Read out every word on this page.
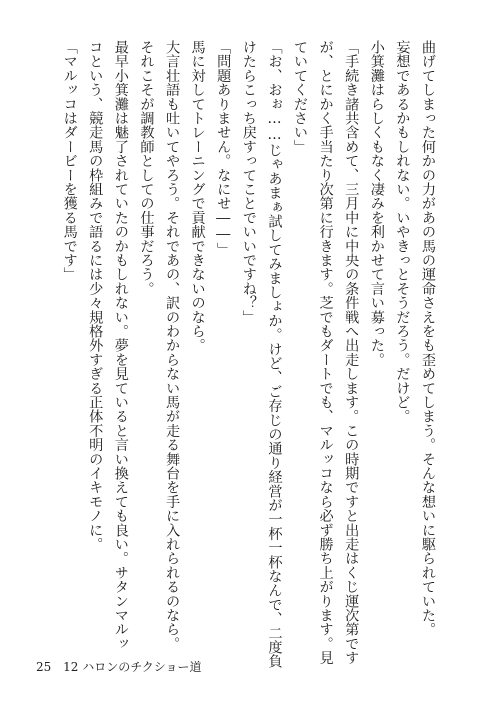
曲げてしまった何かの力があの馬の運命さえをも歪めてしまう。そんな想いに駆られていた。
妄想であるかもしれない。いやきっとそうだろう。だけど。
小箕灘はらしくもなく凄みを利かせて言い募った。
「手続き諸共含めて、三月中に中央の条件戦へ出走します。この時期ですと出走はくじ運次第です
が、とにかく手当たり次第に行きます。芝でもダートでも、マルッコなら必ず勝ち上がります。見
ていてください」
「お、おぉ……じゃあまぁ試してみましょか。けど、ご存じの通り経営が一杯一杯なんで、二度負
けたらこっち戻すってことでいいですね？」
「問題ありません。なにせ――」
馬に対してトレーニングで貢献できないのなら。
大言壮語も吐いてやろう。それであの、訳のわからない馬が走る舞台を手に入れられるのなら。
それこそが調教師としての仕事だろう。
最早小箕灘は魅了されていたのかもしれない。夢を見ていると言い換えても良い。サタンマルッ
コという、競走馬の枠組みで語るには少々規格外すぎる正体不明のイキモノに。
「マルッコはダービーを獲る馬です」
25 12 ハロンのチクショー道
